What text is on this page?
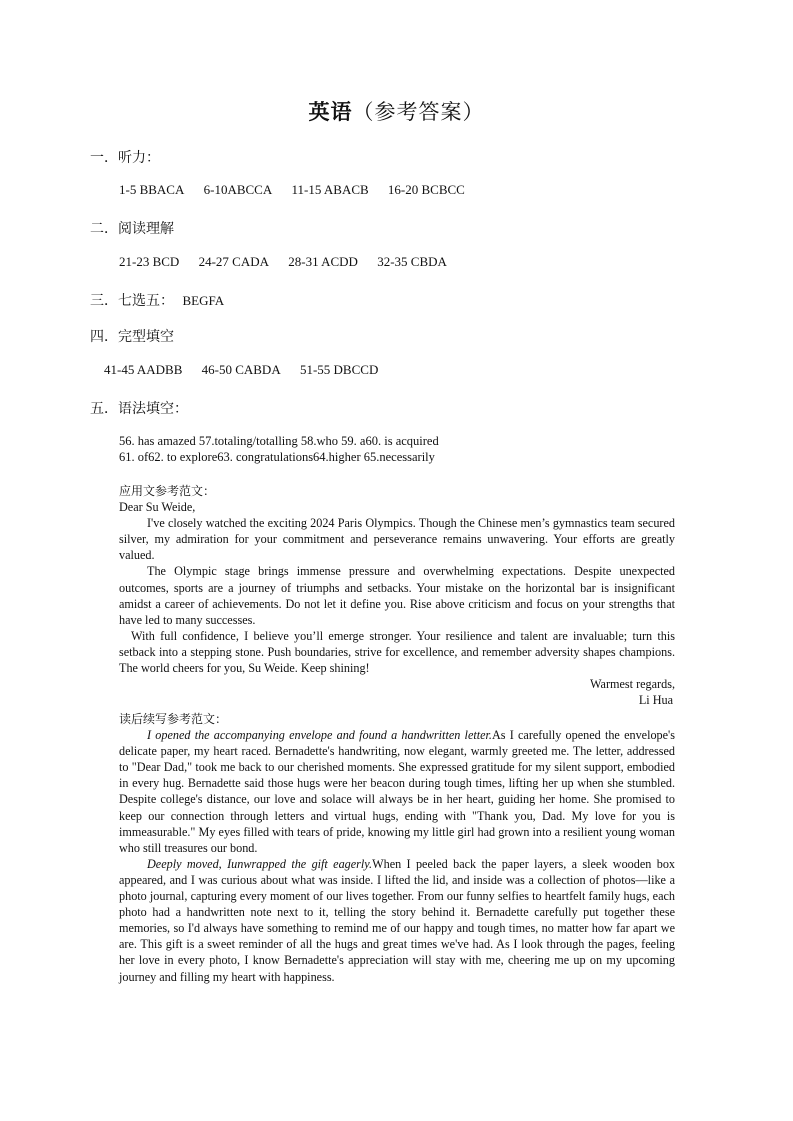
英语（参考答案）
一．听力：
1-5 BBACA 6-10ABCCA 11-15 ABACB 16-20 BCBCC
二．阅读理解
21-23 BCD 24-27 CADA 28-31 ACDD 32-35 CBDA
三．七选五： BEGFA
四．完型填空
41-45 AADBB 46-50 CABDA 51-55 DBCCD
五．语法填空：
56. has amazed 57.totaling/totalling 58.who 59. a60. is acquired
61. of62. to explore63. congratulations64.higher 65.necessarily

应用文参考范文：

Dear Su Weide,

I've closely watched the exciting 2024 Paris Olympics. Though the Chinese men’s gymnastics team secured silver, my admiration for your commitment and perseverance remains unwavering. Your efforts are greatly valued.

The Olympic stage brings immense pressure and overwhelming expectations. Despite unexpected outcomes, sports are a journey of triumphs and setbacks. Your mistake on the horizontal bar is insignificant amidst a career of achievements. Do not let it define you. Rise above criticism and focus on your strengths that have led to many successes.

With full confidence, I believe you’ll emerge stronger. Your resilience and talent are invaluable; turn this setback into a stepping stone. Push boundaries, strive for excellence, and remember adversity shapes champions. The world cheers for you, Su Weide. Keep shining!

Warmest regards,

Li Hua

读后续写参考范文：

I opened the accompanying envelope and found a handwritten letter.As I carefully opened the envelope's delicate paper, my heart raced. Bernadette's handwriting, now elegant, warmly greeted me. The letter, addressed to "Dear Dad," took me back to our cherished moments. She expressed gratitude for my silent support, embodied in every hug. Bernadette said those hugs were her beacon during tough times, lifting her up when she stumbled. Despite college's distance, our love and solace will always be in her heart, guiding her home. She promised to keep our connection through letters and virtual hugs, ending with "Thank you, Dad. My love for you is immeasurable." My eyes filled with tears of pride, knowing my little girl had grown into a resilient young woman who still treasures our bond.

Deeply moved, Iunwrapped the gift eagerly.When I peeled back the paper layers, a sleek wooden box appeared, and I was curious about what was inside. I lifted the lid, and inside was a collection of photos—like a photo journal, capturing every moment of our lives together. From our funny selfies to heartfelt family hugs, each photo had a handwritten note next to it, telling the story behind it. Bernadette carefully put together these memories, so I'd always have something to remind me of our happy and tough times, no matter how far apart we are. This gift is a sweet reminder of all the hugs and great times we've had. As I look through the pages, feeling her love in every photo, I know Bernadette's appreciation will stay with me, cheering me up on my upcoming journey and filling my heart with happiness.
